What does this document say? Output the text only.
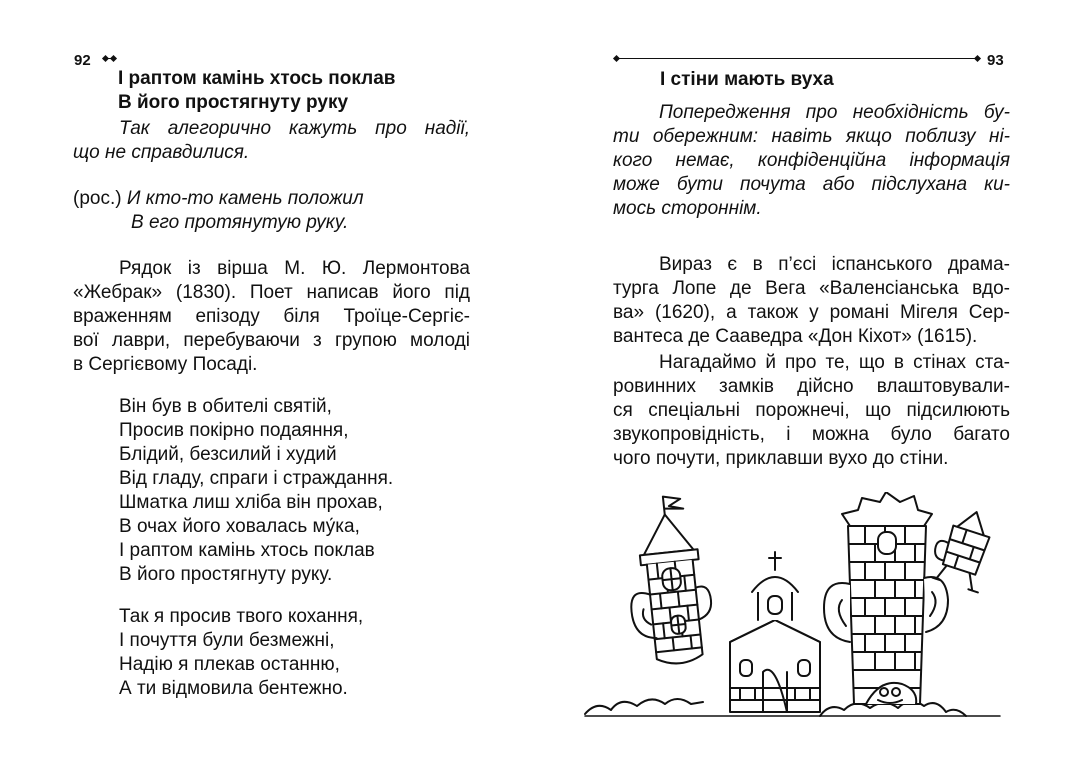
92
І раптом камінь хтось поклав
В його простягнуту руку
Так алегорично кажуть про надії,
що не справдилися.
(рос.) И кто-то камень положил
В его протянутую руку.
Рядок із вірша М. Ю. Лермонтова
«Жебрак» (1830). Поет написав його під
враженням епізоду біля Троїце-Сергіє-
вої лаври, перебуваючи з групою молоді
в Сергієвому Посаді.
Він був в обителі святій,
Просив покірно подаяння,
Блідий, безсилий і худий
Від гладу, спраги і страждання.
Шматка лиш хліба він прохав,
В очах його ховалась му́ка,
І раптом камінь хтось поклав
В його простягнуту руку.
Так я просив твого кохання,
І почуття були безмежні,
Надію я плекав останню,
А ти відмовила бентежно.
93
І стіни мають вуха
Попередження про необхідність бу-
ти обережним: навіть якщо поблизу ні-
кого немає, конфіденційна інформація
може бути почута або підслухана ки-
мось стороннім.
Вираз є в п’єсі іспанського драма-
турга Лопе де Вега «Валенсіанська вдо-
ва» (1620), а також у романі Мігеля Сер-
вантеса де Сааведра «Дон Кіхот» (1615).
Нагадаймо й про те, що в стінах ста-
ровинних замків дійсно влаштовували-
ся спеціальні порожнечі, що підсилюють
звукопровідність, і можна було багато
чого почути, приклавши вухо до стіни.
